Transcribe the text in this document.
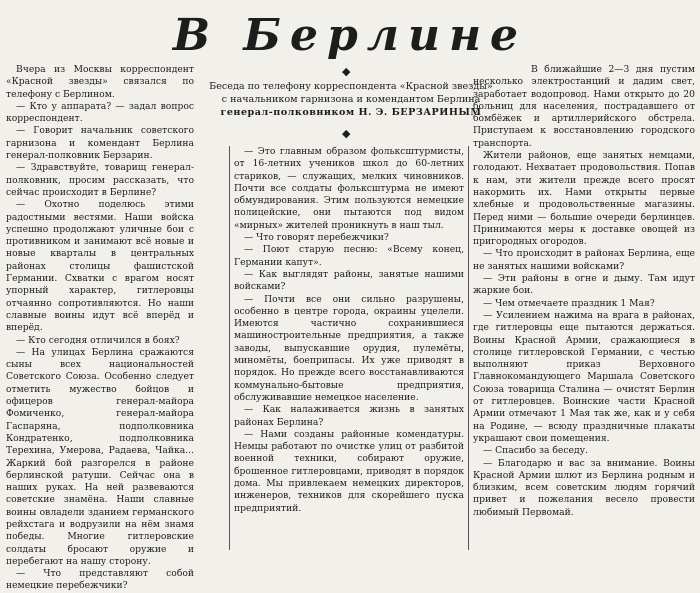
В Берлине
◆
Беседа по телефону корреспондента «Красной звезды»
с начальником гарнизона и комендантом Берлина
генерал-полковником Н. Э. БЕРЗАРИНЫМ
◆

Вчера из Москвы корреспондент «Красной звезды» связался по телефону с Берлином.

— Кто у аппарата? — задал вопрос корреспондент.

— Говорит начальник советского гарнизона и комендант Берлина генерал-полковник Берзарин.

— Здравствуйте, товарищ генерал-полковник, просим рассказать, что сейчас происходит в Берлине?

— Охотно поделюсь этими радостными вестями. Наши войска успешно продолжают уличные бои с противником и занимают всё новые и новые кварталы в центральных районах столицы фашистской Германии. Схватки с врагом носят упорный характер, гитлеровцы отчаянно сопротивляются. Но наши славные воины идут всё вперёд и вперёд.

— Кто сегодня отличился в боях?

— На улицах Берлина сражаются сыны всех национальностей Советского Союза. Особенно следует отметить мужество бойцов и офицеров генерал-майора Фомиченко, генерал-майора Гаспаряна, подполковника Кондратенко, подполковника Терехина, Умерова, Радаева, Чайка... Жаркий бой разгорелся в районе берлинской ратуши. Сейчас она в наших руках. На ней развеваются советские знамёна. Наши славные воины овладели зданием германского рейхстага и водрузили на нём знамя победы. Многие гитлеровские солдаты бросают оружие и перебегают на нашу сторону.

— Что представляют собой немецкие перебежчики?

— Это главным образом фольксштурмисты, от 16-летних учеников школ до 60-летних стариков, — служащих, мелких чиновников. Почти все солдаты фольксштурма не имеют обмундирования. Этим пользуются немецкие полицейские, они пытаются под видом «мирных» жителей проникнуть в наш тыл.

— Что говорят перебежчики?

— Поют старую песню: «Всему конец, Германии капут».

— Как выглядят районы, занятые нашими войсками?

— Почти все они сильно разрушены, особенно в центре города, окраины уцелели. Имеются частично сохранившиеся машиностроительные предприятия, а также заводы, выпускавшие орудия, пулемёты, миномёты, боеприпасы. Их уже приводят в порядок. Но прежде всего восстанавливаются коммунально-бытовые предприятия, обслуживавшие немецкое население.

— Как налаживается жизнь в занятых районах Берлина?

— Нами созданы районные комендатуры. Немцы работают по очистке улиц от разбитой военной техники, собирают оружие, брошенное гитлеровцами, приводят в порядок дома. Мы привлекаем немецких директоров, инженеров, техников для скорейшего пуска предприятий.

В ближайшие 2—3 дня пустим несколько электростанций и дадим свет, заработает водопровод. Нами открыто до 20 больниц для населения, пострадавшего от бомбёжек и артиллерийского обстрела. Приступаем к восстановлению городского транспорта.

Жители районов, еще занятых немцами, голодают. Нехватает продовольствия. Попав к нам, эти жители прежде всего просят накормить их. Нами открыты первые хлебные и продовольственные магазины. Перед ними — большие очереди берлинцев. Принимаются меры к доставке овощей из пригородных огородов.

— Что происходит в районах Берлина, еще не занятых нашими войсками?

— Эти районы в огне и дыму. Там идут жаркие бои.

— Чем отмечаете праздник 1 Мая?

— Усилением нажима на врага в районах, где гитлеровцы еще пытаются держаться. Воины Красной Армии, сражающиеся в столице гитлеровской Германии, с честью выполняют приказ Верховного Главнокомандующего Маршала Советского Союза товарища Сталина — очистят Берлин от гитлеровцев. Воинские части Красной Армии отмечают 1 Мая так же, как и у себя на Родине, — всюду праздничные плакаты украшают свои помещения.

— Спасибо за беседу.

— Благодарю и вас за внимание. Воины Красной Армии шлют из Берлина родным и близким, всем советским людям горячий привет и пожелания весело провести любимый Первомай.
